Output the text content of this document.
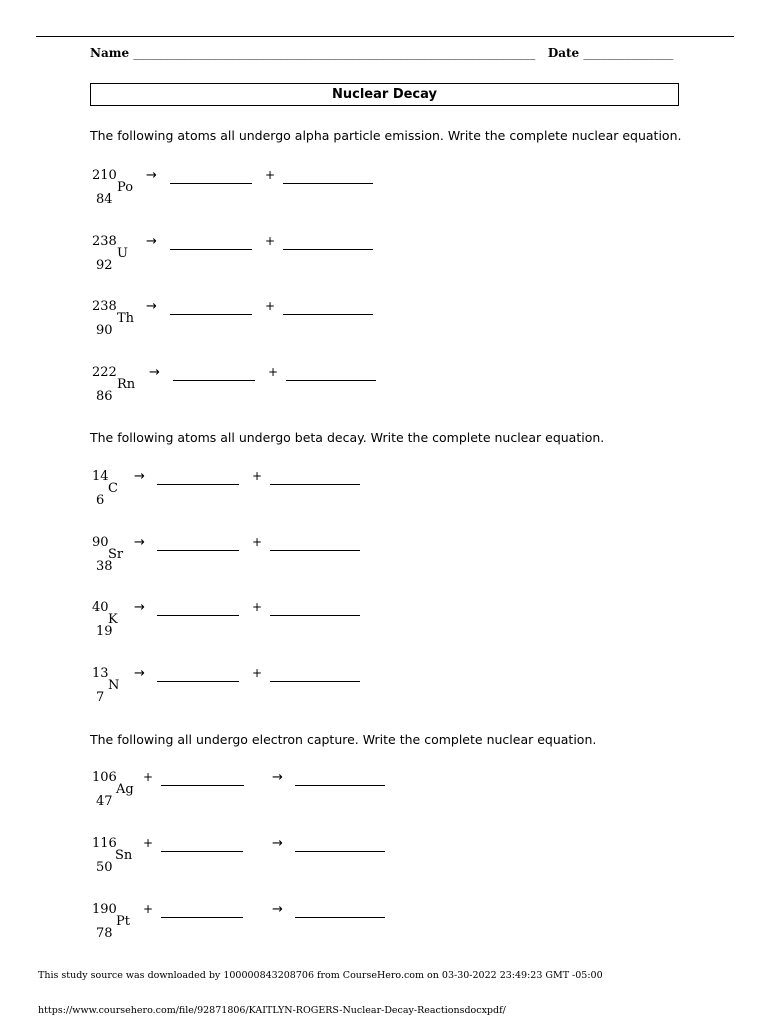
Name ___________________________________________________________________ Date _______________
Nuclear Decay
The following atoms all undergo alpha particle emission. Write the complete nuclear equation.
210
84
Po
→	+
238
92
U
→	+
238
90
Th
→	+
222
86
Rn
→	+
The following atoms all undergo beta decay. Write the complete nuclear equation.
14
6
C
→	+
90
38
Sr
→	+
40
19
K
→	+
13
7
N
→	+
The following all undergo electron capture. Write the complete nuclear equation.
106
47
Ag
+	→
116
50
Sn
+	→
190
78
Pt
+	→
This study source was downloaded by 100000843208706 from CourseHero.com on 03-30-2022 23:49:23 GMT -05:00
https://www.coursehero.com/file/92871806/KAITLYN-ROGERS-Nuclear-Decay-Reactionsdocxpdf/
